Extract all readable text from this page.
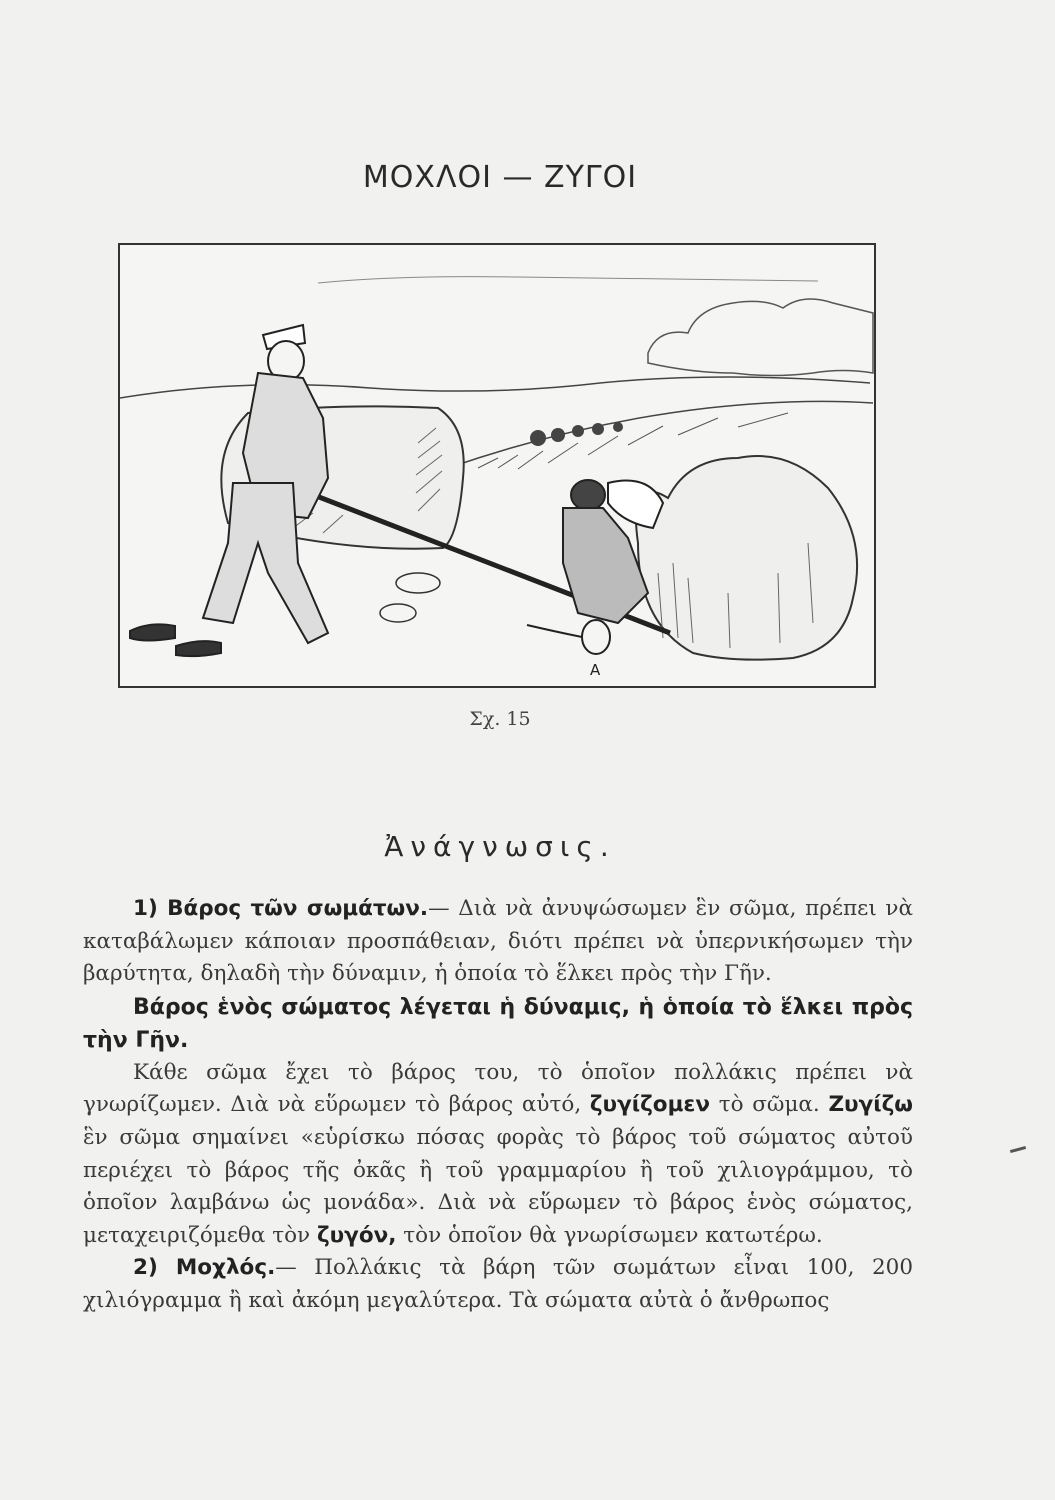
ΜΟΧΛΟΙ — ΖΥΓΟΙ
Α
Σχ. 15
Ἀνάγνωσις.

1) Βάρος τῶν σωμάτων.— Διὰ νὰ ἀνυψώσωμεν ἓν σῶμα, πρέπει νὰ καταβάλωμεν κάποιαν προσπάθειαν, διότι πρέπει νὰ ὑπερνικήσωμεν τὴν βαρύτητα, δηλαδὴ τὴν δύναμιν, ἡ ὁποία τὸ ἕλκει πρὸς τὴν Γῆν.

Βάρος ἑνὸς σώματος λέγεται ἡ δύναμις, ἡ ὁποία τὸ ἕλκει πρὸς τὴν Γῆν.

Κάθε σῶμα ἔχει τὸ βάρος του, τὸ ὁποῖον πολλάκις πρέπει νὰ γνωρίζωμεν. Διὰ νὰ εὕρωμεν τὸ βάρος αὐτό, ζυγίζομεν τὸ σῶμα. Ζυγίζω ἓν σῶμα σημαίνει «εὑρίσκω πόσας φορὰς τὸ βάρος τοῦ σώματος αὐτοῦ περιέχει τὸ βάρος τῆς ὀκᾶς ἢ τοῦ γραμμαρίου ἢ τοῦ χιλιογράμμου, τὸ ὁποῖον λαμβάνω ὡς μονάδα». Διὰ νὰ εὕρωμεν τὸ βάρος ἑνὸς σώματος, μεταχειριζόμεθα τὸν ζυγόν, τὸν ὁποῖον θὰ γνωρίσωμεν κατωτέρω.

2) Μοχλός.— Πολλάκις τὰ βάρη τῶν σωμάτων εἶναι 100, 200 χιλιόγραμμα ἢ καὶ ἀκόμη μεγαλύτερα. Τὰ σώματα αὐτὰ ὁ ἄνθρωπος
